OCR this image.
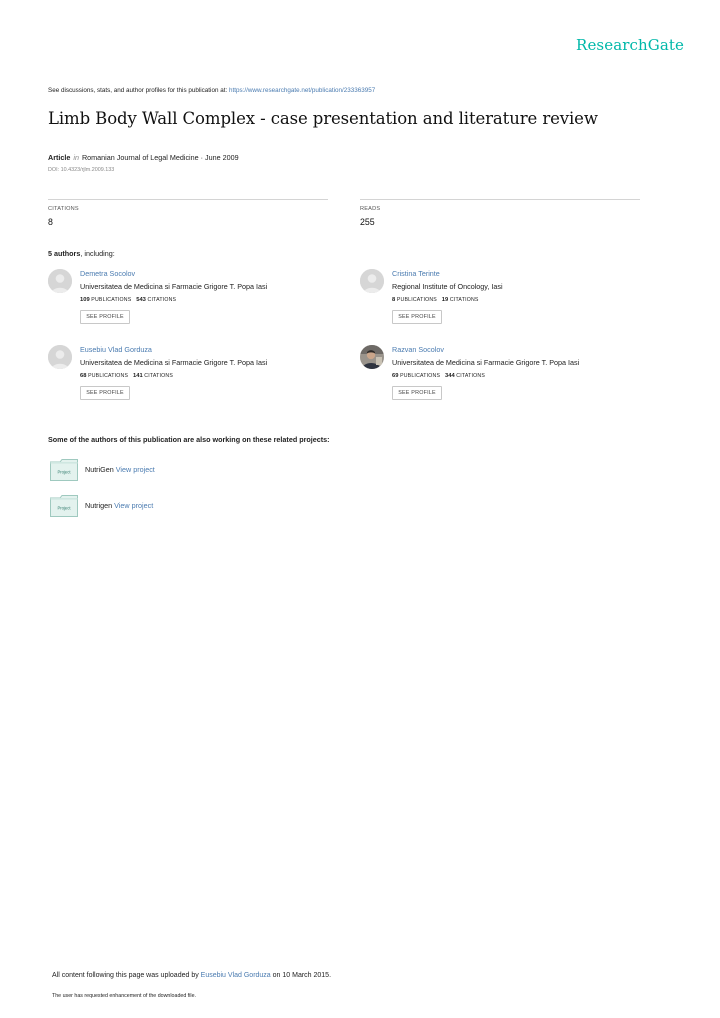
ResearchGate
See discussions, stats, and author profiles for this publication at: https://www.researchgate.net/publication/233363957
Limb Body Wall Complex - case presentation and literature review
Article in Romanian Journal of Legal Medicine · June 2009
DOI: 10.4323/rjlm.2009.133
CITATIONS
8
READS
255
5 authors, including:
Demetra Socolov
Universitatea de Medicina si Farmacie Grigore T. Popa Iasi
109 PUBLICATIONS 543 CITATIONS
SEE PROFILE
Cristina Terinte
Regional Institute of Oncology, Iasi
8 PUBLICATIONS 19 CITATIONS
SEE PROFILE
Eusebiu Vlad Gorduza
Universitatea de Medicina si Farmacie Grigore T. Popa Iasi
68 PUBLICATIONS 141 CITATIONS
SEE PROFILE
Razvan Socolov
Universitatea de Medicina si Farmacie Grigore T. Popa Iasi
69 PUBLICATIONS 344 CITATIONS
SEE PROFILE
Some of the authors of this publication are also working on these related projects:
Project NutriGen View project
Project Nutrigen View project
All content following this page was uploaded by Eusebiu Vlad Gorduza on 10 March 2015.
The user has requested enhancement of the downloaded file.
